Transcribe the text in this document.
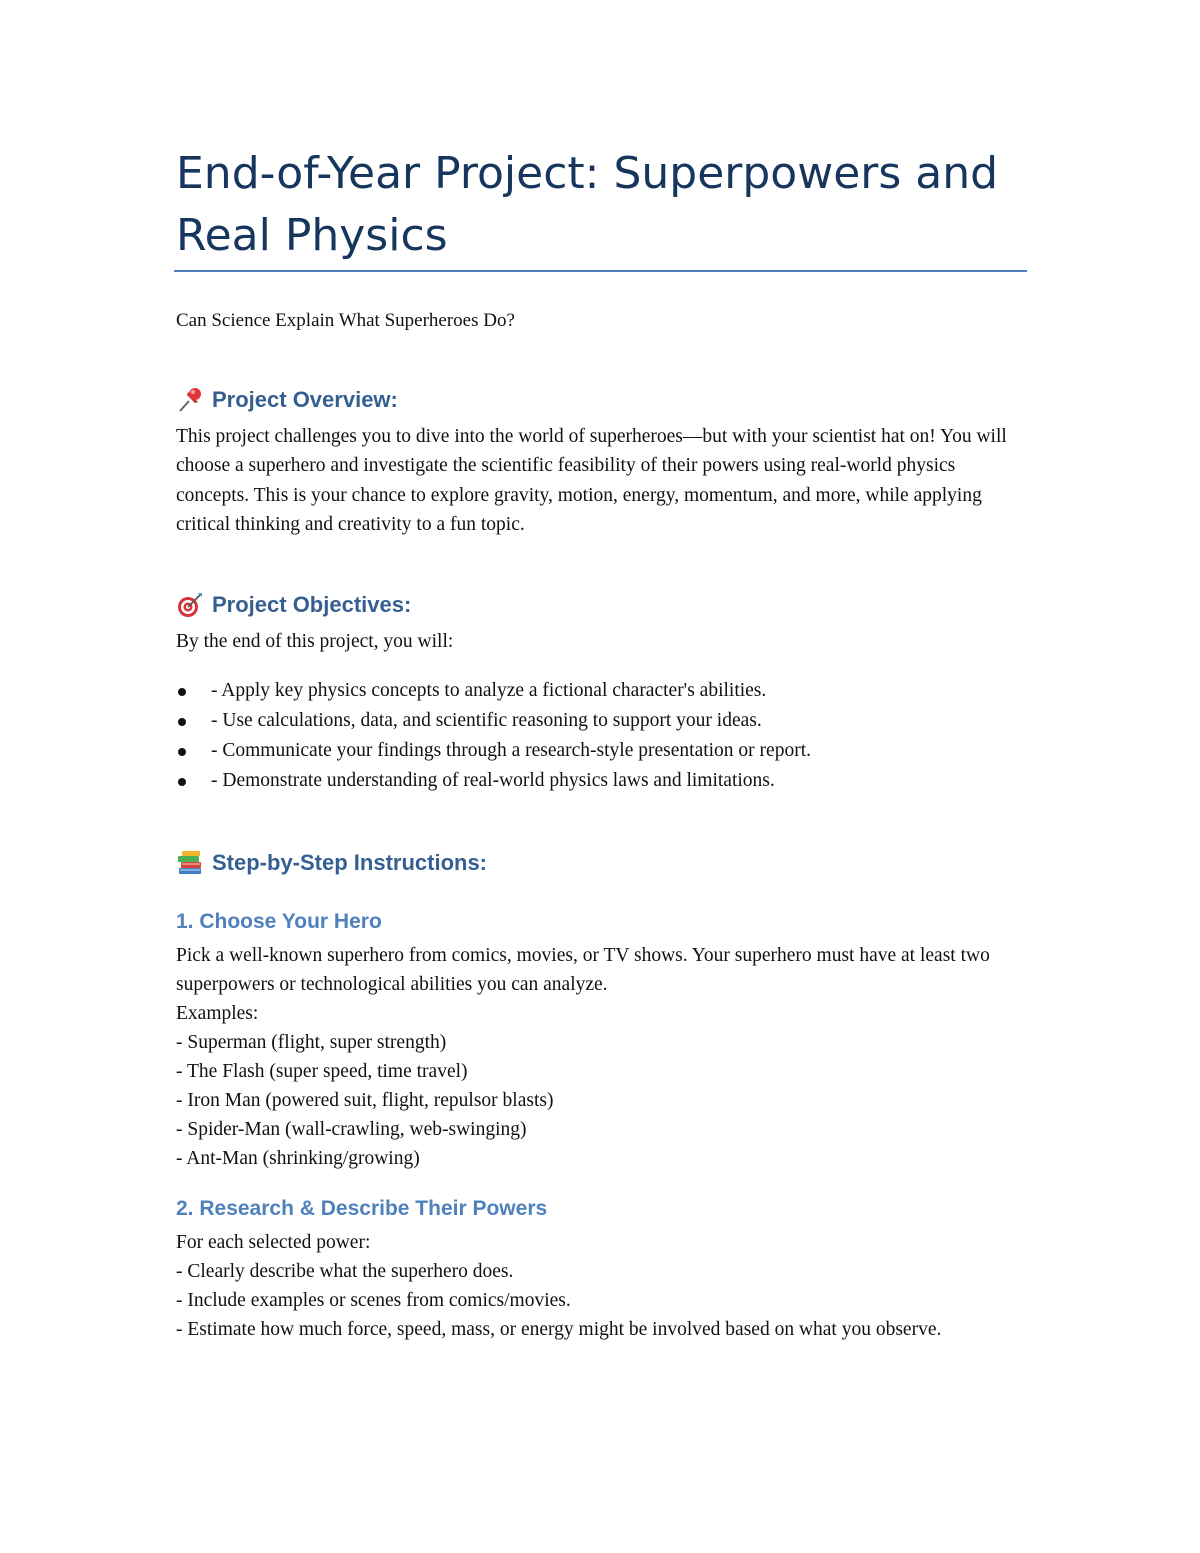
End-of-Year Project: Superpowers and Real Physics
Can Science Explain What Superheroes Do?
Project Overview:

This project challenges you to dive into the world of superheroes—but with your scientist hat on! You will choose a superhero and investigate the scientific feasibility of their powers using real-world physics concepts. This is your chance to explore gravity, motion, energy, momentum, and more, while applying critical thinking and creativity to a fun topic.

Project Objectives:
By the end of this project, you will:
- Apply key physics concepts to analyze a fictional character's abilities.
- Use calculations, data, and scientific reasoning to support your ideas.
- Communicate your findings through a research-style presentation or report.
- Demonstrate understanding of real-world physics laws and limitations.
Step-by-Step Instructions:
1. Choose Your Hero

Pick a well-known superhero from comics, movies, or TV shows. Your superhero must have at least two superpowers or technological abilities you can analyze.

Examples:
- Superman (flight, super strength)
- The Flash (super speed, time travel)
- Iron Man (powered suit, flight, repulsor blasts)
- Spider-Man (wall-crawling, web-swinging)
- Ant-Man (shrinking/growing)
2. Research & Describe Their Powers
For each selected power:
- Clearly describe what the superhero does.
- Include examples or scenes from comics/movies.

- Estimate how much force, speed, mass, or energy might be involved based on what you observe.
